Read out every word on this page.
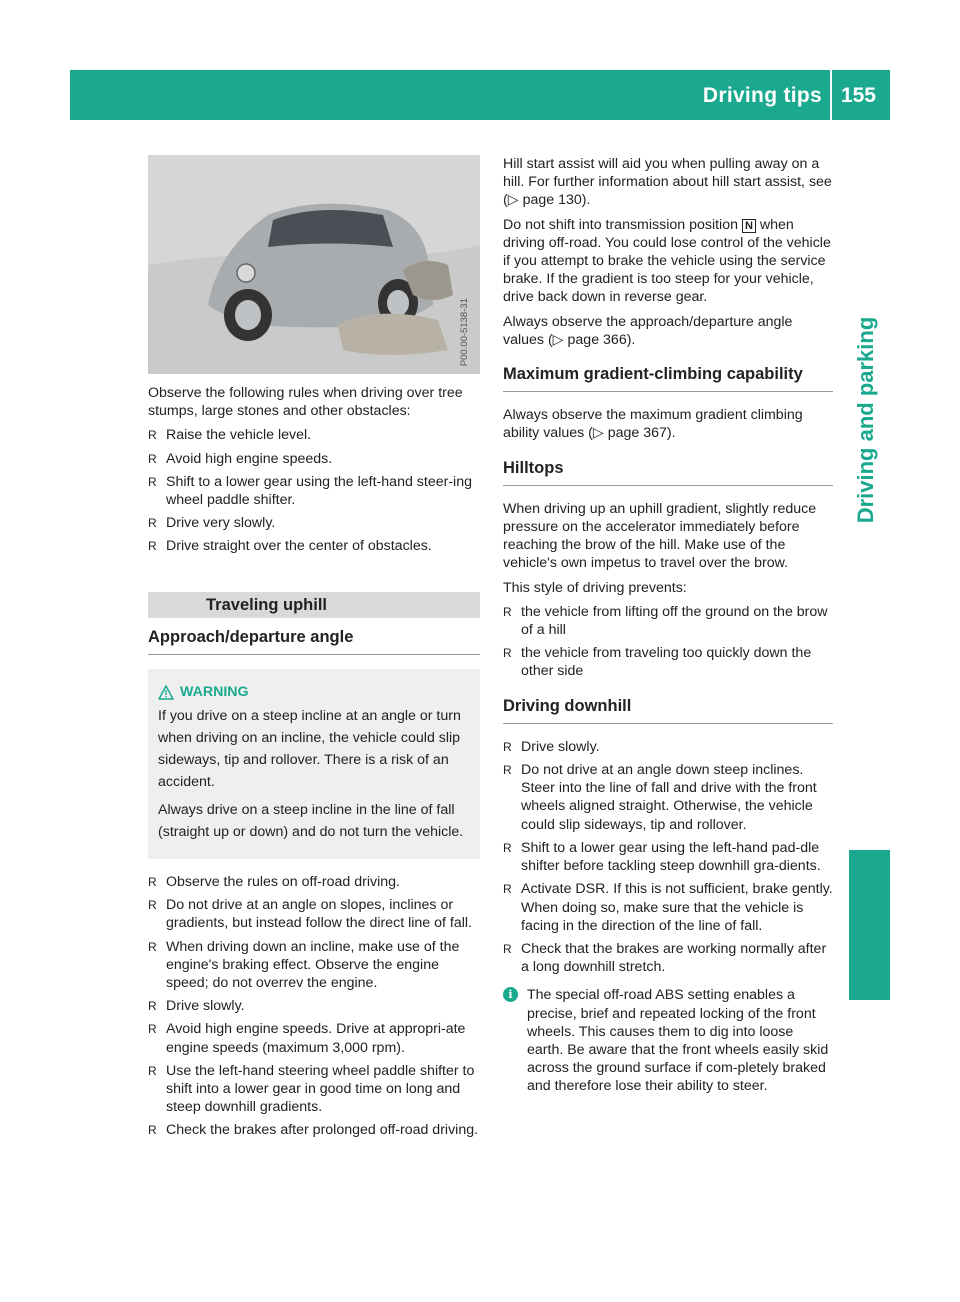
Driving tips 155
Driving and parking
P00.00-5138-31

Observe the following rules when driving over tree stumps, large stones and other obstacles:

R Raise the vehicle level.
R Avoid high engine speeds.
R Shift to a lower gear using the left-hand steer-ing wheel paddle shifter.
R Drive very slowly.
R Drive straight over the center of obstacles.
Traveling uphill
Approach/departure angle
WARNING

If you drive on a steep incline at an angle or turn when driving on an incline, the vehicle could slip sideways, tip and rollover. There is a risk of an accident.

Always drive on a steep incline in the line of fall (straight up or down) and do not turn the vehicle.

R Observe the rules on off-road driving.
R Do not drive at an angle on slopes, inclines or gradients, but instead follow the direct line of fall.
R When driving down an incline, make use of the engine's braking effect. Observe the engine speed; do not overrev the engine.
R Drive slowly.
R Avoid high engine speeds. Drive at appropri-ate engine speeds (maximum 3,000 rpm).
R Use the left-hand steering wheel paddle shifter to shift into a lower gear in good time on long and steep downhill gradients.
R Check the brakes after prolonged off-road driving.

Hill start assist will aid you when pulling away on a hill. For further information about hill start assist, see (▷ page 130).

Do not shift into transmission position N when driving off-road. You could lose control of the vehicle if you attempt to brake the vehicle using the service brake. If the gradient is too steep for your vehicle, drive back down in reverse gear.

Always observe the approach/departure angle values (▷ page 366).

Maximum gradient-climbing capability

Always observe the maximum gradient climbing ability values (▷ page 367).

Hilltops

When driving up an uphill gradient, slightly reduce pressure on the accelerator immediately before reaching the brow of the hill. Make use of the vehicle's own impetus to travel over the brow.

This style of driving prevents:

R the vehicle from lifting off the ground on the brow of a hill
R the vehicle from traveling too quickly down the other side
Driving downhill
R Drive slowly.
R Do not drive at an angle down steep inclines. Steer into the line of fall and drive with the front wheels aligned straight. Otherwise, the vehicle could slip sideways, tip and rollover.
R Shift to a lower gear using the left-hand pad-dle shifter before tackling steep downhill gra-dients.
R Activate DSR. If this is not sufficient, brake gently. When doing so, make sure that the vehicle is facing in the direction of the line of fall.
R Check that the brakes are working normally after a long downhill stretch.
i	The special off-road ABS setting enables a precise, brief and repeated locking of the front wheels. This causes them to dig into loose earth. Be aware that the front wheels easily skid across the ground surface if com-pletely braked and therefore lose their ability to steer.
